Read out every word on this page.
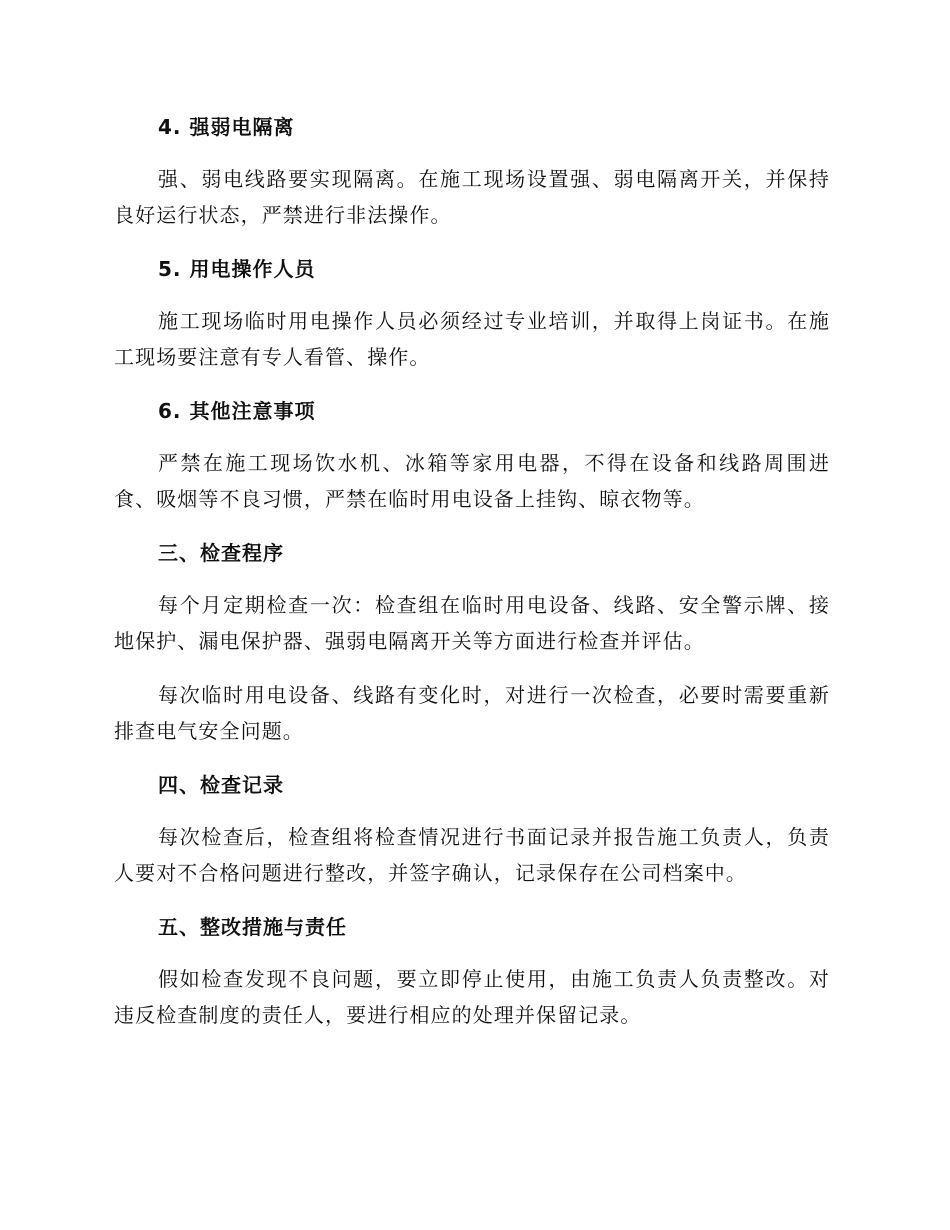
4. 强弱电隔离
强、弱电线路要实现隔离。在施工现场设置强、弱电隔离开关，并保持良好运行状态，严禁进行非法操作。
5. 用电操作人员
施工现场临时用电操作人员必须经过专业培训，并取得上岗证书。在施工现场要注意有专人看管、操作。
6. 其他注意事项
严禁在施工现场饮水机、冰箱等家用电器，不得在设备和线路周围进食、吸烟等不良习惯，严禁在临时用电设备上挂钩、晾衣物等。
三、检查程序
每个月定期检查一次：检查组在临时用电设备、线路、安全警示牌、接地保护、漏电保护器、强弱电隔离开关等方面进行检查并评估。
每次临时用电设备、线路有变化时，对进行一次检查，必要时需要重新排查电气安全问题。
四、检查记录
每次检查后，检查组将检查情况进行书面记录并报告施工负责人，负责人要对不合格问题进行整改，并签字确认，记录保存在公司档案中。
五、整改措施与责任
假如检查发现不良问题，要立即停止使用，由施工负责人负责整改。对违反检查制度的责任人，要进行相应的处理并保留记录。
